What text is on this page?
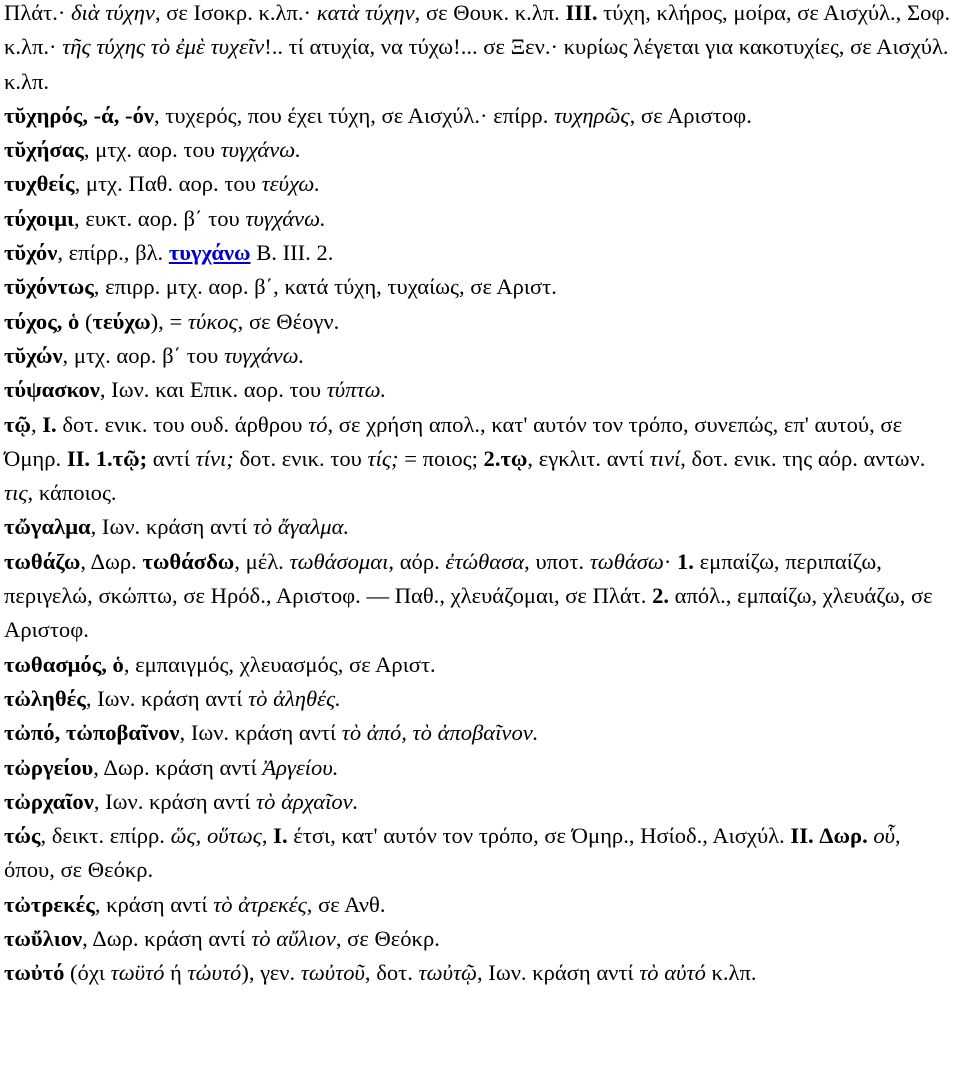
Πλάτ.· διὰ τύχην, σε Ισοκρ. κ.λπ.· κατὰ τύχην, σε Θουκ. κ.λπ. III. τύχη, κλήρος, μοίρα, σε Αισχύλ., Σοφ. κ.λπ.· τῆς τύχης τὸ ἐμὲ τυχεῖν!.. τί ατυχία, να τύχω!... σε Ξεν.· κυρίως λέγεται για κακοτυχίες, σε Αισχύλ. κ.λπ.

τῠχηρός, -ά, -όν, τυχερός, που έχει τύχη, σε Αισχύλ.· επίρρ. τυχηρῶς, σε Αριστοφ.

τῠχήσας, μτχ. αορ. του τυγχάνω.

τυχθείς, μτχ. Παθ. αορ. του τεύχω.

τύχοιμι, ευκτ. αορ. β΄ του τυγχάνω.

τῠχόν, επίρρ., βλ. τυγχάνω B. III. 2.

τῠχόντως, επιρρ. μτχ. αορ. β΄, κατά τύχη, τυχαίως, σε Αριστ.

τύχος, ὁ (τεύχω), = τύκος, σε Θέογν.

τῠχών, μτχ. αορ. β΄ του τυγχάνω.

τύψασκον, Ιων. και Επικ. αορ. του τύπτω.

τῷ, I. δοτ. ενικ. του ουδ. άρθρου τό, σε χρήση απολ., κατ' αυτόν τον τρόπο, συνεπώς, επ' αυτού, σε Όμηρ. II. 1.τῷ; αντί τίνι; δοτ. ενικ. του τίς; = ποιος; 2.τῳ, εγκλιτ. αντί τινί, δοτ. ενικ. της αόρ. αντων. τις, κάποιος.

τὤγαλμα, Ιων. κράση αντί τὸ ἄγαλμα.

τωθάζω, Δωρ. τωθάσδω, μέλ. τωθάσομαι, αόρ. ἐτώθασα, υποτ. τωθάσω· 1. εμπαίζω, περιπαίζω, περιγελώ, σκώπτω, σε Ηρόδ., Αριστοφ. — Παθ., χλευάζομαι, σε Πλάτ. 2. απόλ., εμπαίζω, χλευάζω, σε Αριστοφ.

τωθασμός, ὁ, εμπαιγμός, χλευασμός, σε Αριστ.

τὠληθές, Ιων. κράση αντί τὸ ἀληθές.

τὠπό, τὠποβαῖνον, Ιων. κράση αντί τὸ ἀπό, τὸ ἀποβαῖνον.

τὠργείου, Δωρ. κράση αντί Ἀργείου.

τὠρχαῖον, Ιων. κράση αντί τὸ ἀρχαῖον.

τώς, δεικτ. επίρρ. ὥς, οὕτως, I. έτσι, κατ' αυτόν τον τρόπο, σε Όμηρ., Ησίοδ., Αισχύλ. II. Δωρ. οὗ, όπου, σε Θεόκρ.

τὠτρεκές, κράση αντί τὸ ἀτρεκές, σε Ανθ.

τωὔλιον, Δωρ. κράση αντί τὸ αὔλιον, σε Θεόκρ.

τωὐτό (όχι τωϋτό ή τὠυτό), γεν. τωὐτοῦ, δοτ. τωὐτῷ, Ιων. κράση αντί τὸ αὐτό κ.λπ.
